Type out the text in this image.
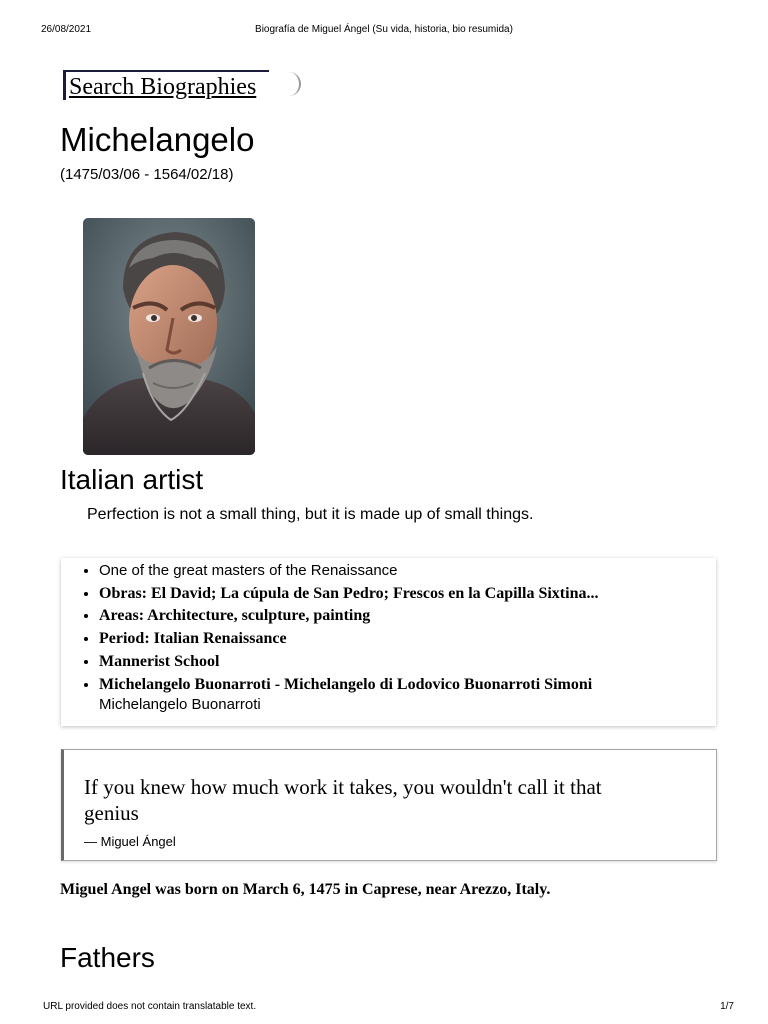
26/08/2021	Biografía de Miguel Ángel (Su vida, historia, bio resumida)
Search Biographies
Michelangelo
(1475/03/06 - 1564/02/18)
Italian artist
Perfection is not a small thing, but it is made up of small things.
• One of the great masters of the Renaissance
• Obras: El David; La cúpula de San Pedro; Frescos en la Capilla Sixtina...
• Areas: Architecture, sculpture, painting
• Period: Italian Renaissance
• Mannerist School
• Michelangelo Buonarroti - Michelangelo di Lodovico Buonarroti Simoni
Michelangelo Buonarroti
If you knew how much work it takes, you wouldn't call it that genius
— Miguel Ángel
Miguel Angel was born on March 6, 1475 in Caprese, near Arezzo, Italy.
Fathers
URL provided does not contain translatable text.	1/7
